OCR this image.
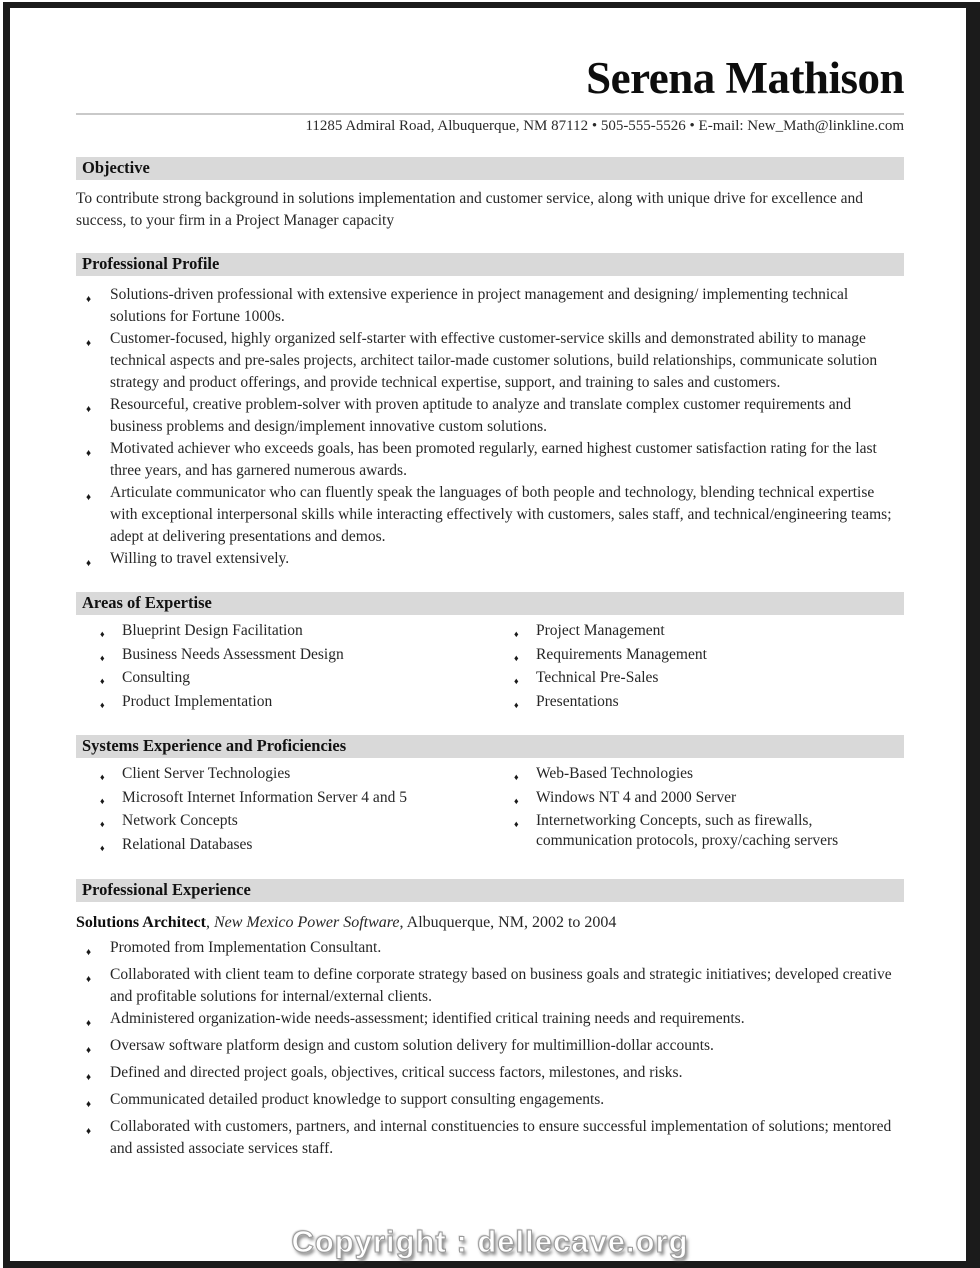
Serena Mathison
11285 Admiral Road, Albuquerque, NM 87112 • 505-555-5526 • E-mail: New_Math@linkline.com
Objective
To contribute strong background in solutions implementation and customer service, along with unique drive for excellence and success, to your firm in a Project Manager capacity
Professional Profile
♦	Solutions-driven professional with extensive experience in project management and designing/ implementing technical solutions for Fortune 1000s.
♦	Customer-focused, highly organized self-starter with effective customer-service skills and demonstrated ability to manage technical aspects and pre-sales projects, architect tailor-made customer solutions, build relationships, communicate solution strategy and product offerings, and provide technical expertise, support, and training to sales and customers.
♦	Resourceful, creative problem-solver with proven aptitude to analyze and translate complex customer requirements and business problems and design/implement innovative custom solutions.
♦	Motivated achiever who exceeds goals, has been promoted regularly, earned highest customer satisfaction rating for the last three years, and has garnered numerous awards.
♦	Articulate communicator who can fluently speak the languages of both people and technology, blending technical expertise with exceptional interpersonal skills while interacting effectively with customers, sales staff, and technical/engineering teams; adept at delivering presentations and demos.
♦	Willing to travel extensively.
Areas of Expertise
♦	Blueprint Design Facilitation
♦	Business Needs Assessment Design
♦	Consulting
♦	Product Implementation
♦	Project Management
♦	Requirements Management
♦	Technical Pre-Sales
♦	Presentations
Systems Experience and Proficiencies
♦	Client Server Technologies
♦	Microsoft Internet Information Server 4 and 5
♦	Network Concepts
♦	Relational Databases
♦	Web-Based Technologies
♦	Windows NT 4 and 2000 Server
♦	Internetworking Concepts, such as firewalls, communication protocols, proxy/caching servers
Professional Experience
Solutions Architect, New Mexico Power Software, Albuquerque, NM, 2002 to 2004
♦	Promoted from Implementation Consultant.
♦	Collaborated with client team to define corporate strategy based on business goals and strategic initiatives; developed creative and profitable solutions for internal/external clients.
♦	Administered organization-wide needs-assessment; identified critical training needs and requirements.
♦	Oversaw software platform design and custom solution delivery for multimillion-dollar accounts.
♦	Defined and directed project goals, objectives, critical success factors, milestones, and risks.
♦	Communicated detailed product knowledge to support consulting engagements.
♦	Collaborated with customers, partners, and internal constituencies to ensure successful implementation of solutions; mentored and assisted associate services staff.
Copyright : dellecave.org
